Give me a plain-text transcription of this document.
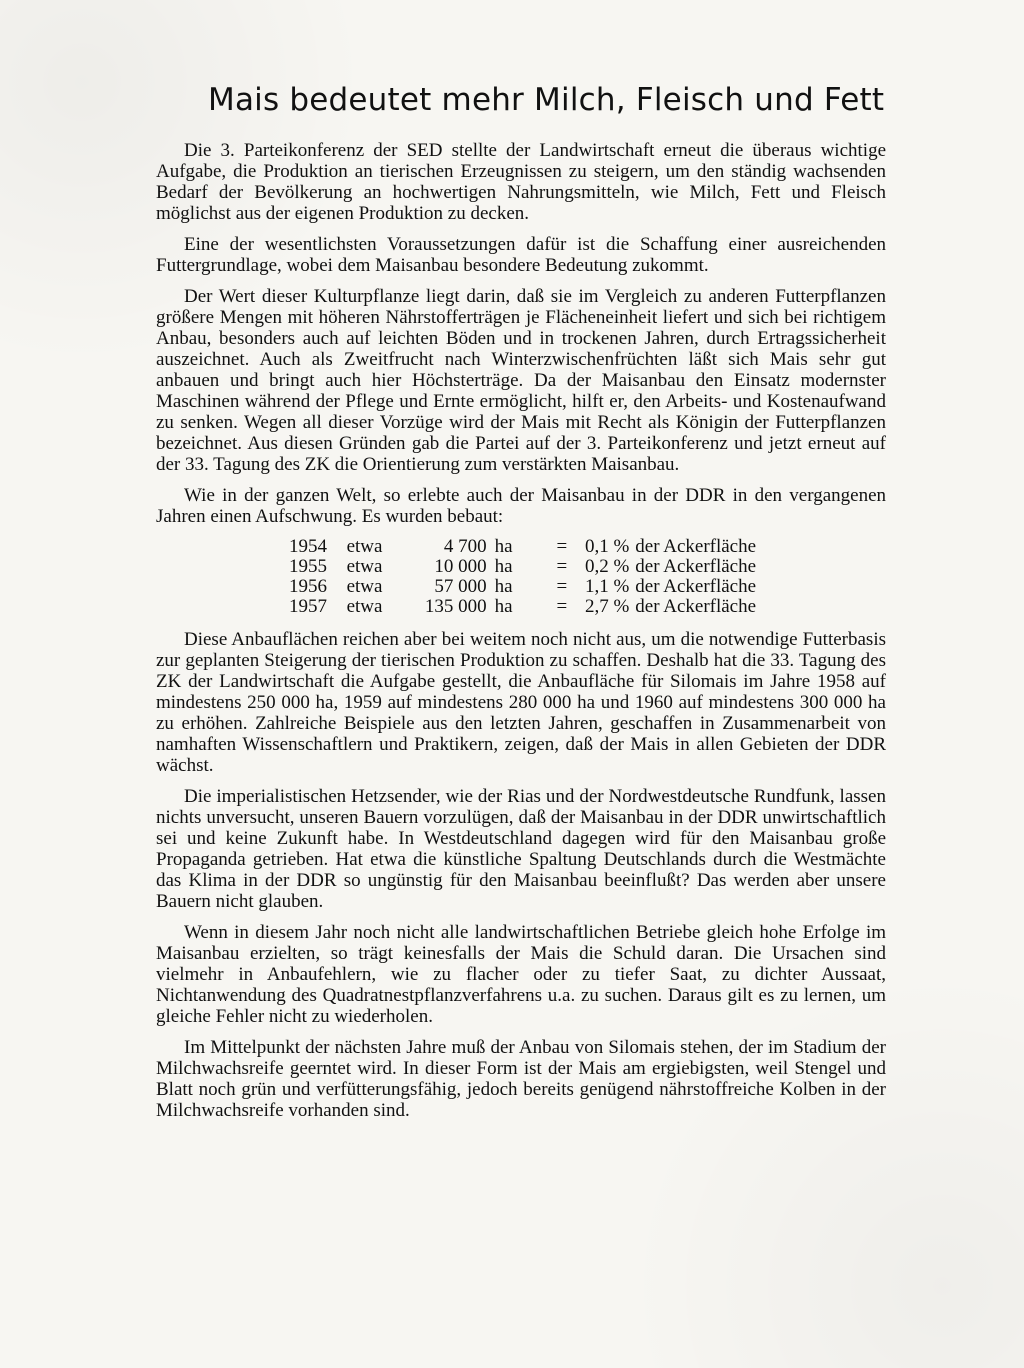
Mais bedeutet mehr Milch, Fleisch und Fett

Die 3. Parteikonferenz der SED stellte der Landwirtschaft erneut die überaus wichtige Aufgabe, die Produktion an tierischen Erzeugnissen zu steigern, um den ständig wachsenden Bedarf der Bevölkerung an hochwertigen Nahrungsmitteln, wie Milch, Fett und Fleisch möglichst aus der eigenen Produktion zu decken.

Eine der wesentlichsten Voraussetzungen dafür ist die Schaffung einer ausreichenden Futtergrundlage, wobei dem Maisanbau besondere Bedeutung zukommt.

Der Wert dieser Kulturpflanze liegt darin, daß sie im Vergleich zu anderen Futterpflanzen größere Mengen mit höheren Nährstofferträgen je Flächeneinheit liefert und sich bei richtigem Anbau, besonders auch auf leichten Böden und in trockenen Jahren, durch Ertragssicherheit auszeichnet. Auch als Zweitfrucht nach Winterzwischenfrüchten läßt sich Mais sehr gut anbauen und bringt auch hier Höchsterträge. Da der Maisanbau den Einsatz modernster Maschinen während der Pflege und Ernte ermöglicht, hilft er, den Arbeits- und Kostenaufwand zu senken. Wegen all dieser Vorzüge wird der Mais mit Recht als Königin der Futterpflanzen bezeichnet. Aus diesen Gründen gab die Partei auf der 3. Parteikonferenz und jetzt erneut auf der 33. Tagung des ZK die Orientierung zum verstärkten Maisanbau.

Wie in der ganzen Welt, so erlebte auch der Maisanbau in der DDR in den vergangenen Jahren einen Aufschwung. Es wurden bebaut:

1954	etwa	4 700	ha	=	0,1 %	der Ackerfläche
1955	etwa	10 000	ha	=	0,2 %	der Ackerfläche
1956	etwa	57 000	ha	=	1,1 %	der Ackerfläche
1957	etwa	135 000	ha	=	2,7 %	der Ackerfläche

Diese Anbauflächen reichen aber bei weitem noch nicht aus, um die notwendige Futterbasis zur geplanten Steigerung der tierischen Produktion zu schaffen. Deshalb hat die 33. Tagung des ZK der Landwirtschaft die Aufgabe gestellt, die Anbaufläche für Silomais im Jahre 1958 auf mindestens 250 000 ha, 1959 auf mindestens 280 000 ha und 1960 auf mindestens 300 000 ha zu erhöhen. Zahlreiche Beispiele aus den letzten Jahren, geschaffen in Zusammenarbeit von namhaften Wissenschaftlern und Praktikern, zeigen, daß der Mais in allen Gebieten der DDR wächst.

Die imperialistischen Hetzsender, wie der Rias und der Nordwestdeutsche Rundfunk, lassen nichts unversucht, unseren Bauern vorzulügen, daß der Maisanbau in der DDR unwirtschaftlich sei und keine Zukunft habe. In Westdeutschland dagegen wird für den Maisanbau große Propaganda getrieben. Hat etwa die künstliche Spaltung Deutschlands durch die Westmächte das Klima in der DDR so ungünstig für den Maisanbau beeinflußt? Das werden aber unsere Bauern nicht glauben.

Wenn in diesem Jahr noch nicht alle landwirtschaftlichen Betriebe gleich hohe Erfolge im Maisanbau erzielten, so trägt keinesfalls der Mais die Schuld daran. Die Ursachen sind vielmehr in Anbaufehlern, wie zu flacher oder zu tiefer Saat, zu dichter Aussaat, Nichtanwendung des Quadratnestpflanzverfahrens u.a. zu suchen. Daraus gilt es zu lernen, um gleiche Fehler nicht zu wiederholen.

Im Mittelpunkt der nächsten Jahre muß der Anbau von Silomais stehen, der im Stadium der Milchwachsreife geerntet wird. In dieser Form ist der Mais am ergiebigsten, weil Stengel und Blatt noch grün und verfütterungsfähig, jedoch bereits genügend nährstoffreiche Kolben in der Milchwachsreife vorhanden sind.
